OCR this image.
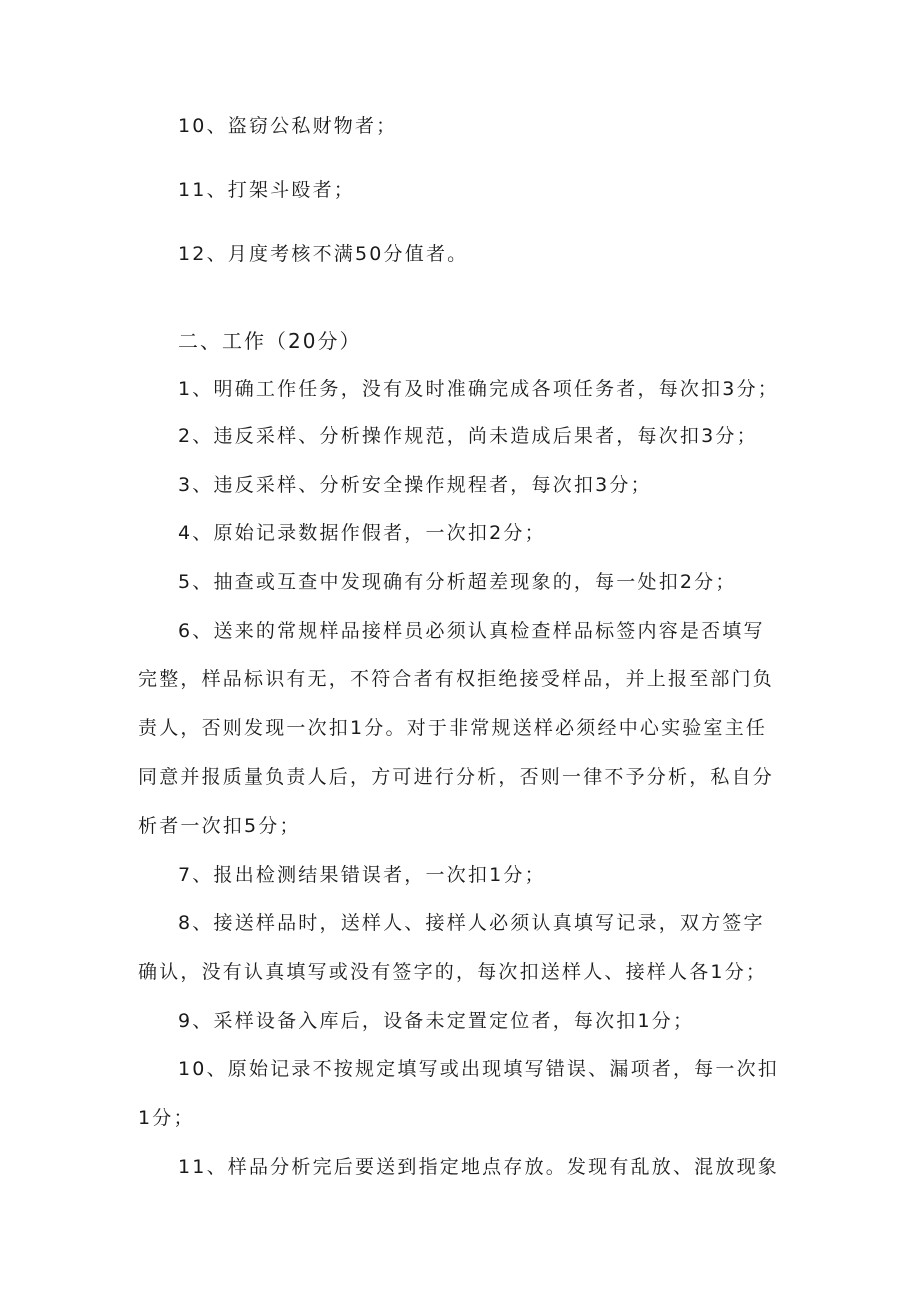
10、盗窃公私财物者；

11、打架斗殴者；

12、月度考核不满50分值者。

二、工作（20分）

1、明确工作任务，没有及时准确完成各项任务者，每次扣3分；

2、违反采样、分析操作规范，尚未造成后果者，每次扣3分；

3、违反采样、分析安全操作规程者，每次扣3分；

4、原始记录数据作假者，一次扣2分；

5、抽查或互查中发现确有分析超差现象的，每一处扣2分；

6、送来的常规样品接样员必须认真检查样品标签内容是否填写

完整，样品标识有无，不符合者有权拒绝接受样品，并上报至部门负

责人，否则发现一次扣1分。对于非常规送样必须经中心实验室主任

同意并报质量负责人后，方可进行分析，否则一律不予分析，私自分

析者一次扣5分；

7、报出检测结果错误者，一次扣1分；

8、接送样品时，送样人、接样人必须认真填写记录，双方签字

确认，没有认真填写或没有签字的，每次扣送样人、接样人各1分；

9、采样设备入库后，设备未定置定位者，每次扣1分；

10、原始记录不按规定填写或出现填写错误、漏项者，每一次扣

1分；

11、样品分析完后要送到指定地点存放。发现有乱放、混放现象
